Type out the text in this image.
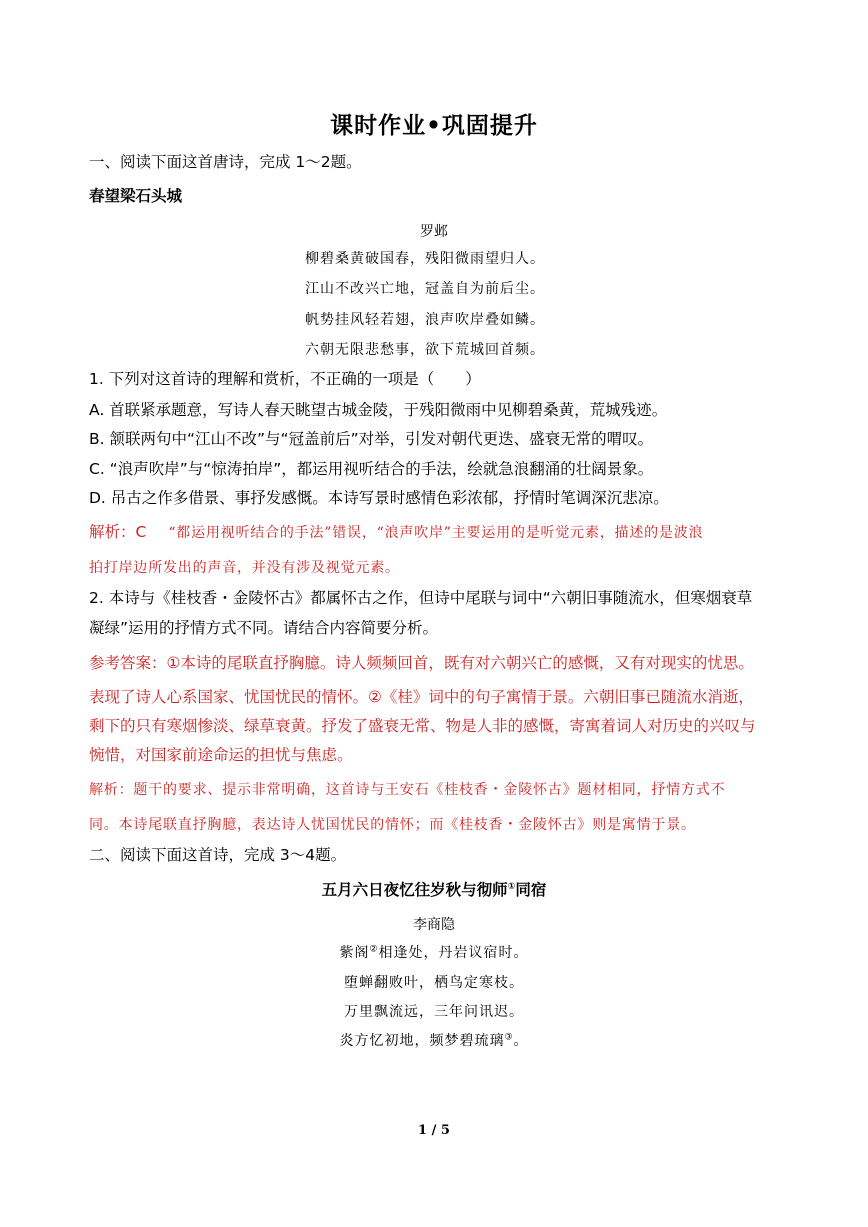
课时作业•巩固提升
一、阅读下面这首唐诗，完成 1～2题。
春望梁石头城
罗邺
柳碧桑黄破国春，残阳微雨望归人。
江山不改兴亡地，冠盖自为前后尘。
帆势挂风轻若翅，浪声吹岸叠如鳞。
六朝无限悲愁事，欲下荒城回首频。
1. 下列对这首诗的理解和赏析，不正确的一项是（　　）
A. 首联紧承题意，写诗人春天眺望古城金陵，于残阳微雨中见柳碧桑黄，荒城残迹。
B. 颔联两句中“江山不改”与“冠盖前后”对举，引发对朝代更迭、盛衰无常的喟叹。
C. “浪声吹岸”与“惊涛拍岸”，都运用视听结合的手法，绘就急浪翻涌的壮阔景象。
D. 吊古之作多借景、事抒发感慨。本诗写景时感情色彩浓郁，抒情时笔调深沉悲凉。
解析：C “都运用视听结合的手法”错误，“浪声吹岸”主要运用的是听觉元素，描述的是波浪
拍打岸边所发出的声音，并没有涉及视觉元素。
2. 本诗与《桂枝香・金陵怀古》都属怀古之作，但诗中尾联与词中“六朝旧事随流水，但寒烟衰草
凝绿”运用的抒情方式不同。请结合内容简要分析。
参考答案：①本诗的尾联直抒胸臆。诗人频频回首，既有对六朝兴亡的感慨，又有对现实的忧思。
表现了诗人心系国家、忧国忧民的情怀。②《桂》词中的句子寓情于景。六朝旧事已随流水消逝，
剩下的只有寒烟惨淡、绿草衰黄。抒发了盛衰无常、物是人非的感慨，寄寓着词人对历史的兴叹与
惋惜，对国家前途命运的担忧与焦虑。
解析：题干的要求、提示非常明确，这首诗与王安石《桂枝香・金陵怀古》题材相同，抒情方式不
同。本诗尾联直抒胸臆，表达诗人忧国忧民的情怀；而《桂枝香・金陵怀古》则是寓情于景。
二、阅读下面这首诗，完成 3～4题。
五月六日夜忆往岁秋与彻师①同宿
李商隐
紫阁②相逢处，丹岩议宿时。
堕蝉翻败叶，栖鸟定寒枝。
万里飘流远，三年问讯迟。
炎方忆初地，频梦碧琉璃③。
1 / 5
